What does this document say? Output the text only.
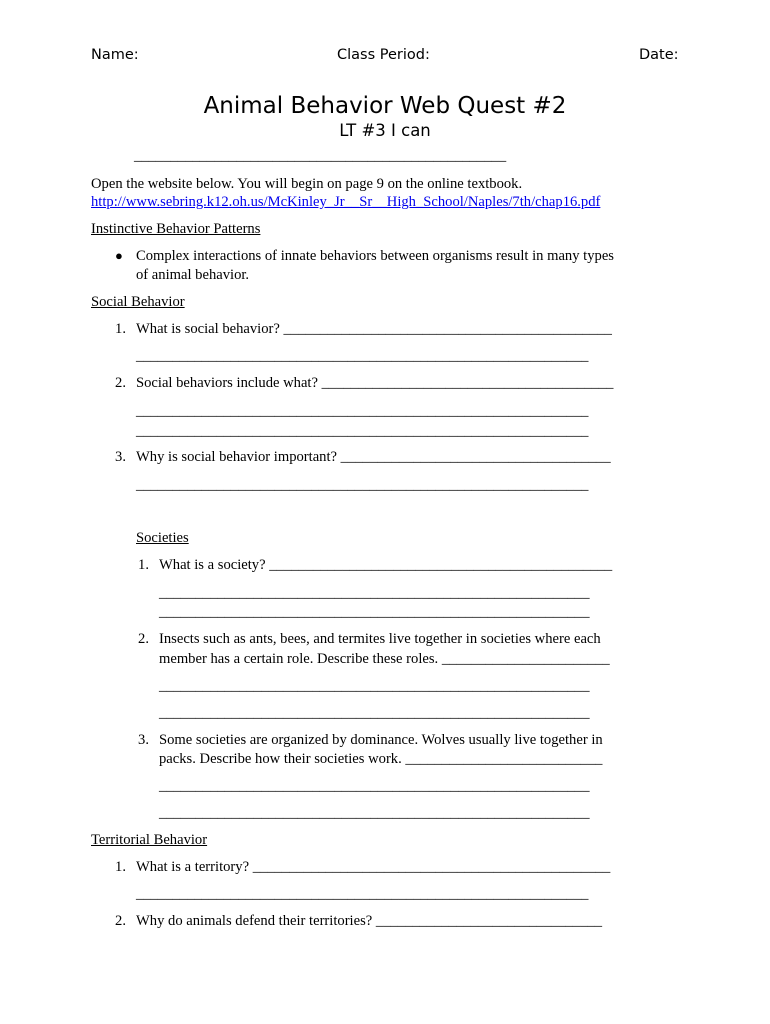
Name:	Class Period:	Date:
Animal Behavior Web Quest #2
LT #3 I can
___________________________________________________
Open the website below. You will begin on page 9 on the online textbook.
http://www.sebring.k12.oh.us/McKinley_Jr__Sr__High_School/Naples/7th/chap16.pdf
Instinctive Behavior Patterns
● Complex interactions of innate behaviors between organisms result in many types
of animal behavior.
Social Behavior
1. What is social behavior? _____________________________________________
______________________________________________________________
2. Social behaviors include what? ________________________________________
______________________________________________________________
______________________________________________________________
3. Why is social behavior important? _____________________________________
______________________________________________________________
Societies
1. What is a society? _______________________________________________
___________________________________________________________
___________________________________________________________
2. Insects such as ants, bees, and termites live together in societies where each
member has a certain role. Describe these roles. _______________________
___________________________________________________________
___________________________________________________________
3. Some societies are organized by dominance. Wolves usually live together in
packs. Describe how their societies work. ___________________________
___________________________________________________________
___________________________________________________________
Territorial Behavior
1. What is a territory? _________________________________________________
______________________________________________________________
2. Why do animals defend their territories? _______________________________
